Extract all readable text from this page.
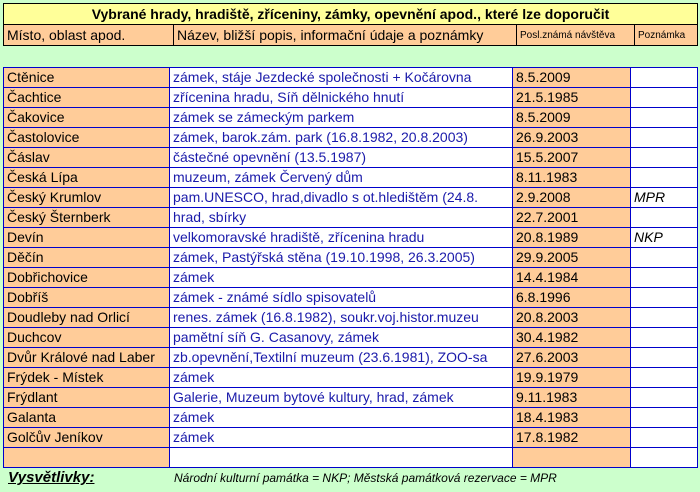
Vybrané hrady, hradiště, zříceniny, zámky, opevnění apod., které lze doporučit
Místo, oblast apod.	Název, bližší popis, informační údaje a poznámky	Posl.známá návštěva	Poznámka
Ctěnice	zámek, stáje Jezdecké společnosti + Kočárovna	8.5.2009	
Čachtice	zřícenina hradu, Síň dělnického hnutí	21.5.1985	
Čakovice	zámek se zámeckým parkem	8.5.2009	
Častolovice	zámek, barok.zám. park (16.8.1982, 20.8.2003)	26.9.2003	
Čáslav	částečné opevnění (13.5.1987)	15.5.2007	
Česká Lípa	muzeum, zámek Červený dům	8.11.1983	
Český Krumlov	pam.UNESCO, hrad,divadlo s ot.hledištěm (24.8.	2.9.2008	MPR
Český Šternberk	hrad, sbírky	22.7.2001	
Devín	velkomoravské hradiště, zřícenina hradu	20.8.1989	NKP
Děčín	zámek, Pastýřská stěna (19.10.1998, 26.3.2005)	29.9.2005	
Dobřichovice	zámek	14.4.1984	
Dobříš	zámek - známé sídlo spisovatelů	6.8.1996	
Doudleby nad Orlicí	renes. zámek (16.8.1982), soukr.voj.histor.muzeu	20.8.2003	
Duchcov	pamětní síň G. Casanovy, zámek	30.4.1982	
Dvůr Králové nad Laber	zb.opevnění,Textilní muzeum (23.6.1981), ZOO-sa	27.6.2003	
Frýdek - Místek	zámek	19.9.1979	
Frýdlant	Galerie, Muzeum bytové kultury, hrad, zámek	9.11.1983	
Galanta	zámek	18.4.1983	
Golčův Jeníkov	zámek	17.8.1982	

Vysvětlivky:	Národní kulturní památka = NKP; Městská památková rezervace = MPR
